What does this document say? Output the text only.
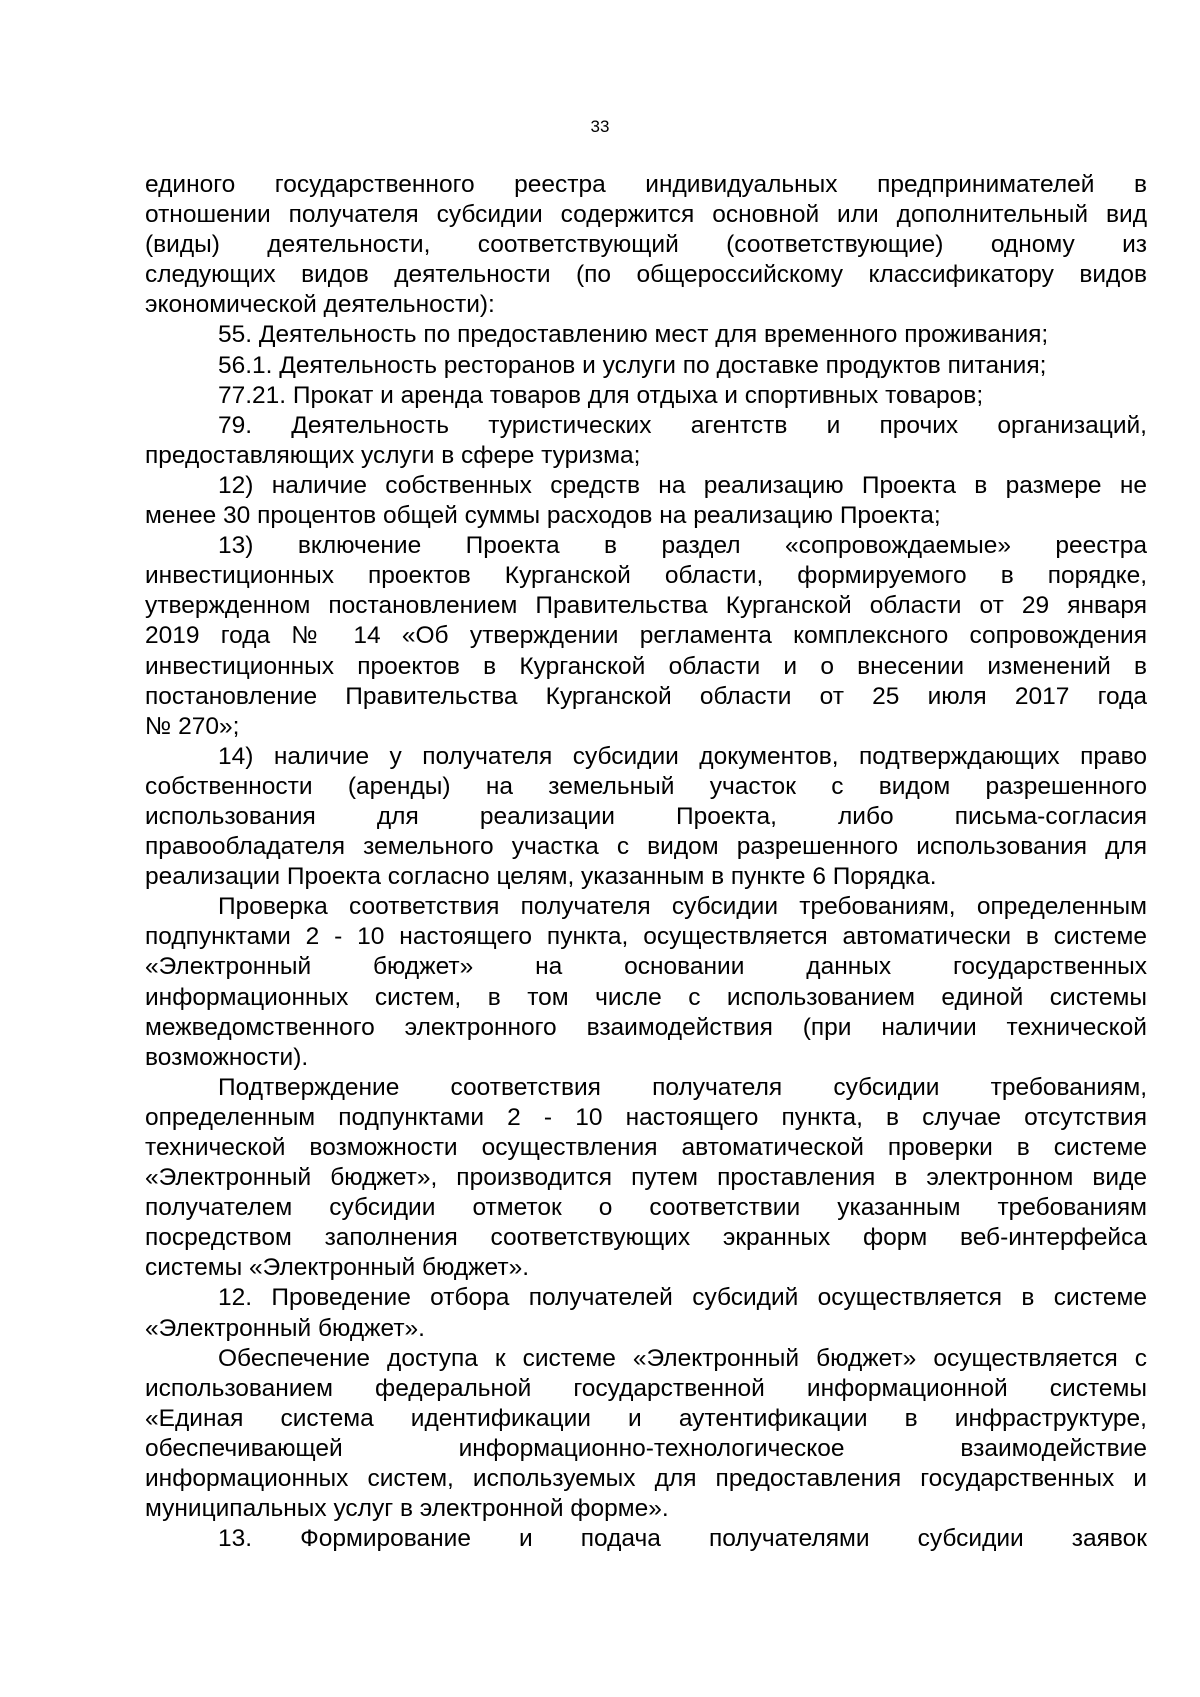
33
единого государственного реестра индивидуальных предпринимателей в
отношении получателя субсидии содержится основной или дополнительный вид
(виды) деятельности, соответствующий (соответствующие) одному из
следующих видов деятельности (по общероссийскому классификатору видов
экономической деятельности):
55. Деятельность по предоставлению мест для временного проживания;
56.1. Деятельность ресторанов и услуги по доставке продуктов питания;
77.21. Прокат и аренда товаров для отдыха и спортивных товаров;
79. Деятельность туристических агентств и прочих организаций,
предоставляющих услуги в сфере туризма;
12) наличие собственных средств на реализацию Проекта в размере не
менее 30 процентов общей суммы расходов на реализацию Проекта;
13) включение Проекта в раздел «сопровождаемые» реестра
инвестиционных проектов Курганской области, формируемого в порядке,
утвержденном постановлением Правительства Курганской области от 29 января
2019 года № 14 «Об утверждении регламента комплексного сопровождения
инвестиционных проектов в Курганской области и о внесении изменений в
постановление Правительства Курганской области от 25 июля 2017 года
№ 270»;
14) наличие у получателя субсидии документов, подтверждающих право
собственности (аренды) на земельный участок с видом разрешенного
использования для реализации Проекта, либо письма-согласия
правообладателя земельного участка с видом разрешенного использования для
реализации Проекта согласно целям, указанным в пункте 6 Порядка.
Проверка соответствия получателя субсидии требованиям, определенным
подпунктами 2 - 10 настоящего пункта, осуществляется автоматически в системе
«Электронный бюджет» на основании данных государственных
информационных систем, в том числе с использованием единой системы
межведомственного электронного взаимодействия (при наличии технической
возможности).
Подтверждение соответствия получателя субсидии требованиям,
определенным подпунктами 2 - 10 настоящего пункта, в случае отсутствия
технической возможности осуществления автоматической проверки в системе
«Электронный бюджет», производится путем проставления в электронном виде
получателем субсидии отметок о соответствии указанным требованиям
посредством заполнения соответствующих экранных форм веб-интерфейса
системы «Электронный бюджет».
12. Проведение отбора получателей субсидий осуществляется в системе
«Электронный бюджет».
Обеспечение доступа к системе «Электронный бюджет» осуществляется с
использованием федеральной государственной информационной системы
«Единая система идентификации и аутентификации в инфраструктуре,
обеспечивающей информационно-технологическое взаимодействие
информационных систем, используемых для предоставления государственных и
муниципальных услуг в электронной форме».
13. Формирование и подача получателями субсидии заявок
